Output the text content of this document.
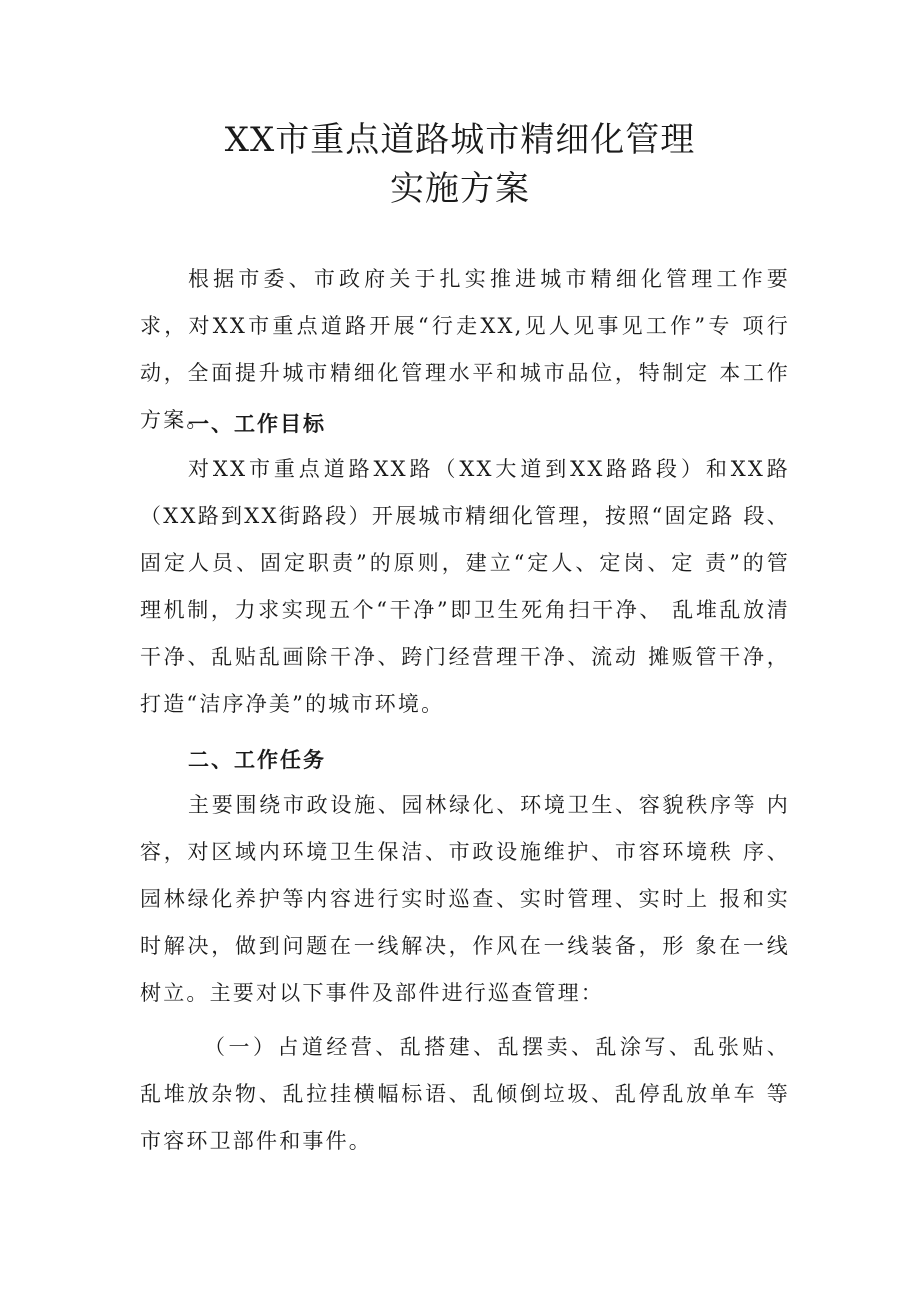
XX市重点道路城市精细化管理
实施方案

根据市委、市政府关于扎实推进城市精细化管理工作要 求，对XX市重点道路开展“行走XX,见人见事见工作”专 项行动，全面提升城市精细化管理水平和城市品位，特制定 本工作方案。

一、工作目标

对XX市重点道路XX路（XX大道到XX路路段）和XX路 （XX路到XX街路段）开展城市精细化管理，按照“固定路 段、固定人员、固定职责”的原则，建立“定人、定岗、定 责”的管理机制，力求实现五个“干净”即卫生死角扫干净、 乱堆乱放清干净、乱贴乱画除干净、跨门经营理干净、流动 摊贩管干净，打造“洁序净美”的城市环境。

二、工作任务

主要围绕市政设施、园林绿化、环境卫生、容貌秩序等 内容，对区域内环境卫生保洁、市政设施维护、市容环境秩 序、园林绿化养护等内容进行实时巡查、实时管理、实时上 报和实时解决，做到问题在一线解决，作风在一线装备，形 象在一线树立。主要对以下事件及部件进行巡查管理：

（一）占道经营、乱搭建、乱摆卖、乱涂写、乱张贴、 乱堆放杂物、乱拉挂横幅标语、乱倾倒垃圾、乱停乱放单车 等市容环卫部件和事件。
